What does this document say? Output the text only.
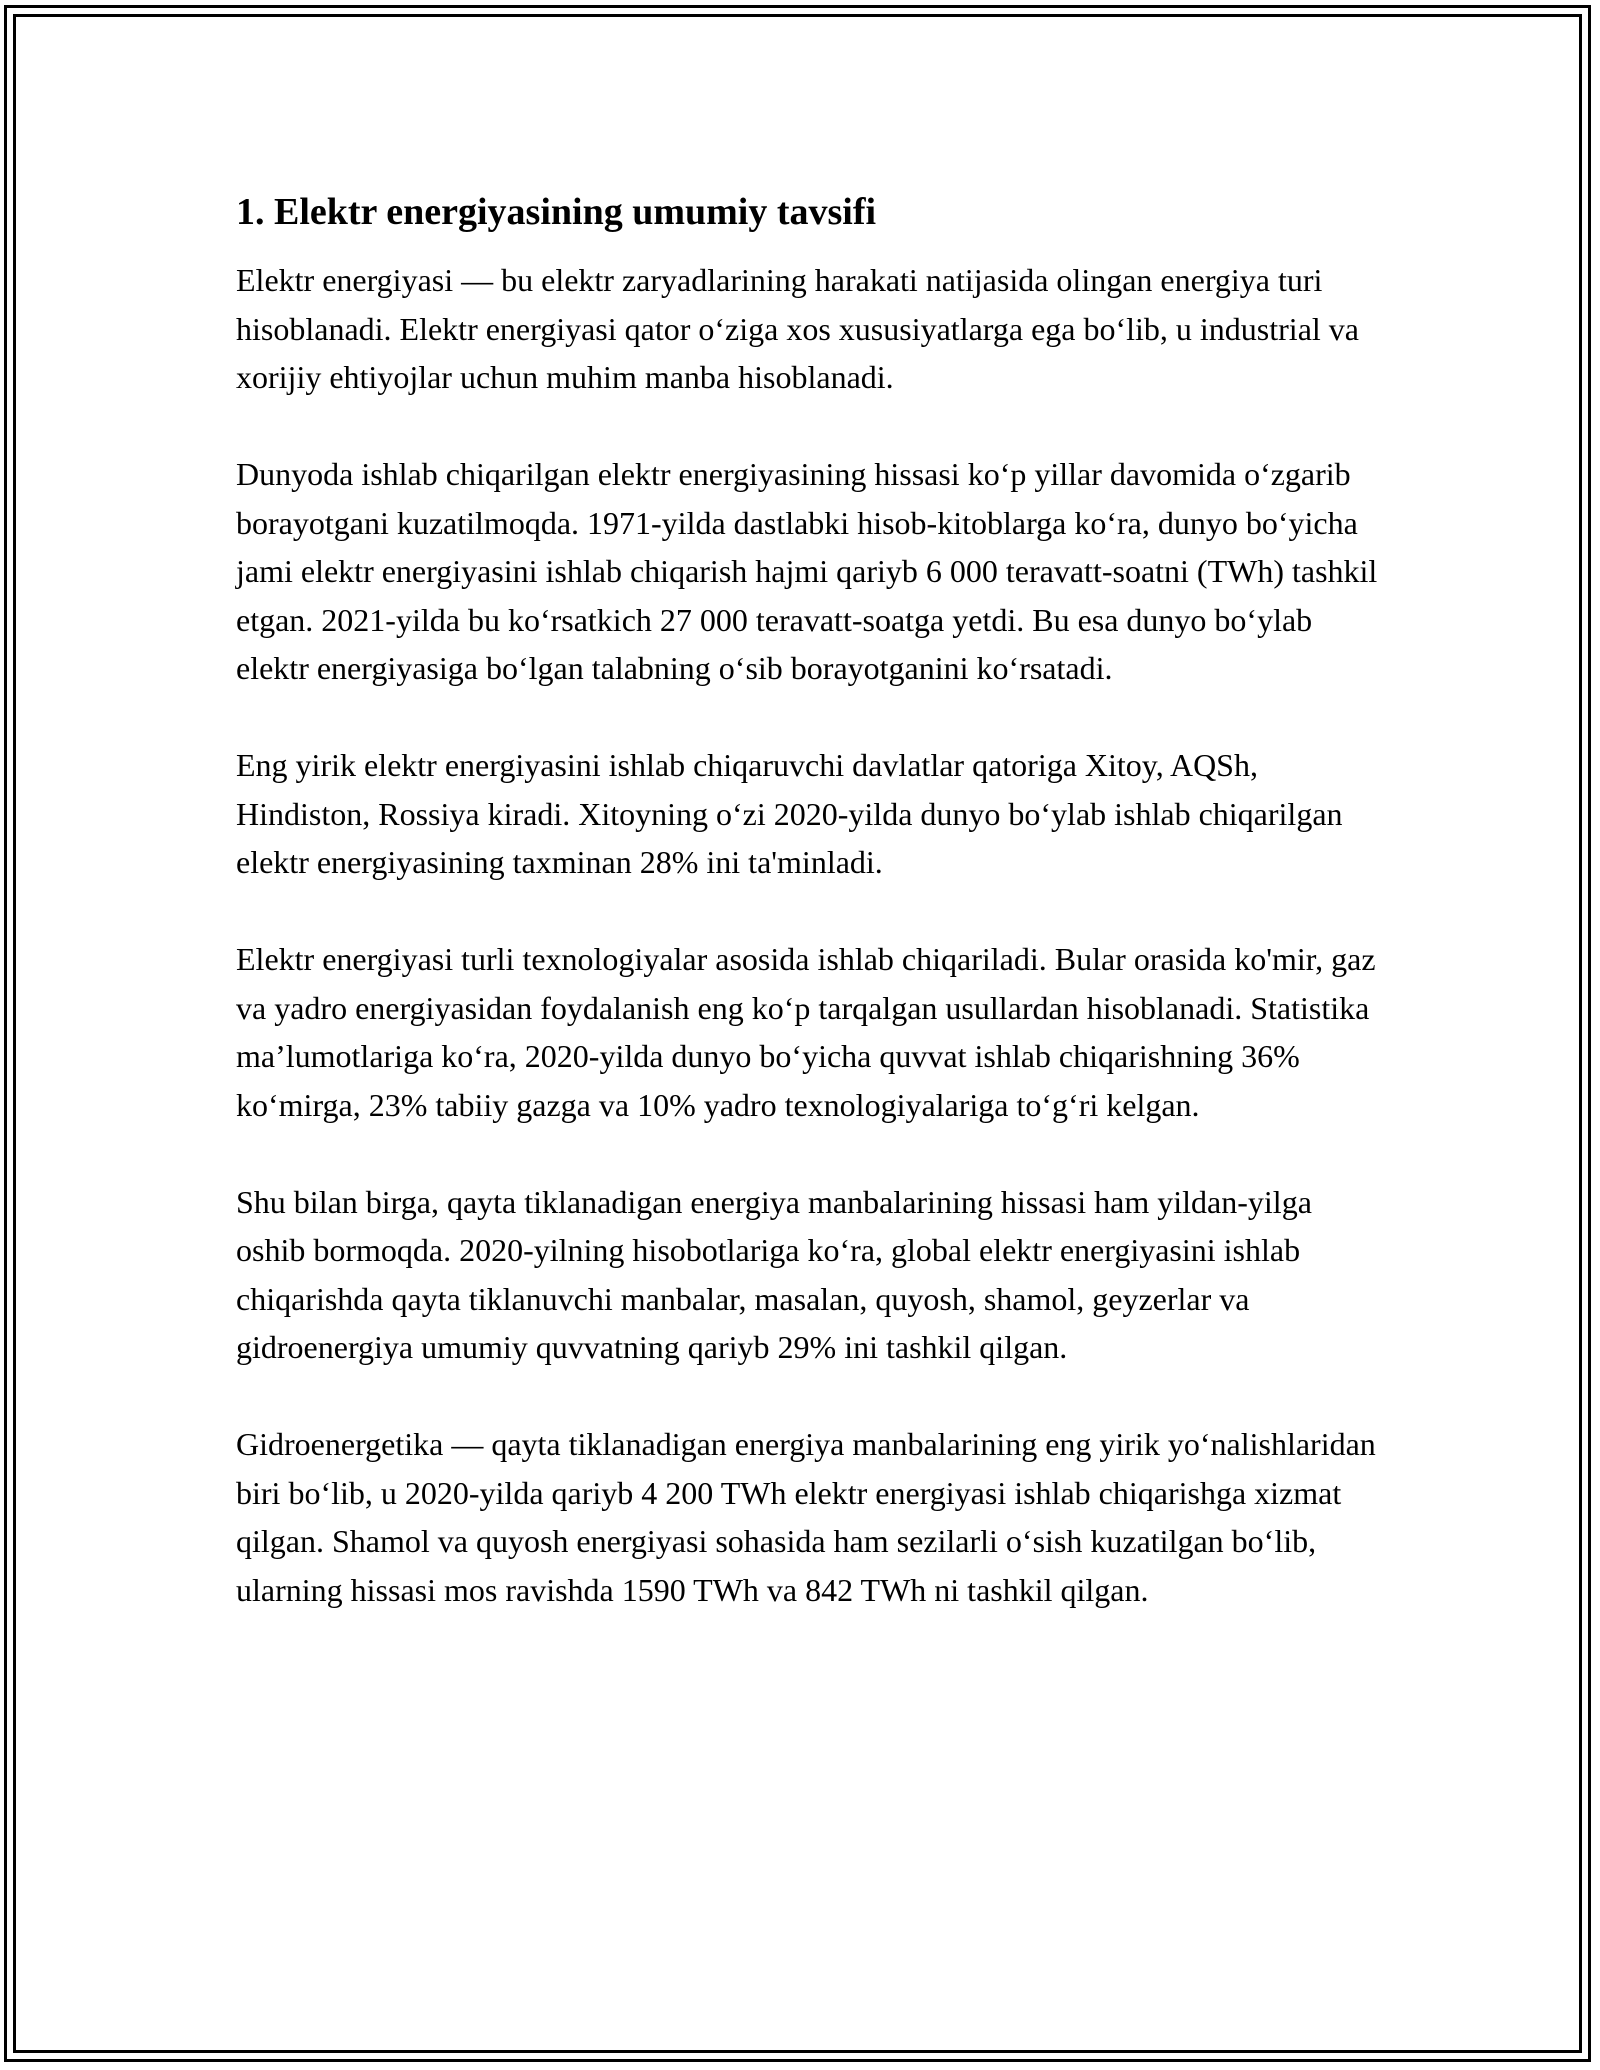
1. Elektr energiyasining umumiy tavsifi

Elektr energiyasi — bu elektr zaryadlarining harakati natijasida olingan energiya turi hisoblanadi. Elektr energiyasi qator oʻziga xos xususiyatlarga ega boʻlib, u industrial va xorijiy ehtiyojlar uchun muhim manba hisoblanadi.

Dunyoda ishlab chiqarilgan elektr energiyasining hissasi koʻp yillar davomida oʻzgarib borayotgani kuzatilmoqda. 1971-yilda dastlabki hisob-kitoblarga koʻra, dunyo boʻyicha jami elektr energiyasini ishlab chiqarish hajmi qariyb 6 000 teravatt-soatni (TWh) tashkil etgan. 2021-yilda bu koʻrsatkich 27 000 teravatt-soatga yetdi. Bu esa dunyo boʻylab elektr energiyasiga boʻlgan talabning oʻsib borayotganini koʻrsatadi.

Eng yirik elektr energiyasini ishlab chiqaruvchi davlatlar qatoriga Xitoy, AQSh, Hindiston, Rossiya kiradi. Xitoyning oʻzi 2020-yilda dunyo boʻylab ishlab chiqarilgan elektr energiyasining taxminan 28% ini ta'minladi.

Elektr energiyasi turli texnologiyalar asosida ishlab chiqariladi. Bular orasida ko'mir, gaz va yadro energiyasidan foydalanish eng koʻp tarqalgan usullardan hisoblanadi. Statistika maʼlumotlariga koʻra, 2020-yilda dunyo boʻyicha quvvat ishlab chiqarishning 36% koʻmirga, 23% tabiiy gazga va 10% yadro texnologiyalariga toʻgʻri kelgan.

Shu bilan birga, qayta tiklanadigan energiya manbalarining hissasi ham yildan-yilga oshib bormoqda. 2020-yilning hisobotlariga koʻra, global elektr energiyasini ishlab chiqarishda qayta tiklanuvchi manbalar, masalan, quyosh, shamol, geyzerlar va gidroenergiya umumiy quvvatning qariyb 29% ini tashkil qilgan.

Gidroenergetika — qayta tiklanadigan energiya manbalarining eng yirik yoʻnalishlaridan biri boʻlib, u 2020-yilda qariyb 4 200 TWh elektr energiyasi ishlab chiqarishga xizmat qilgan. Shamol va quyosh energiyasi sohasida ham sezilarli oʻsish kuzatilgan boʻlib, ularning hissasi mos ravishda 1590 TWh va 842 TWh ni tashkil qilgan.
